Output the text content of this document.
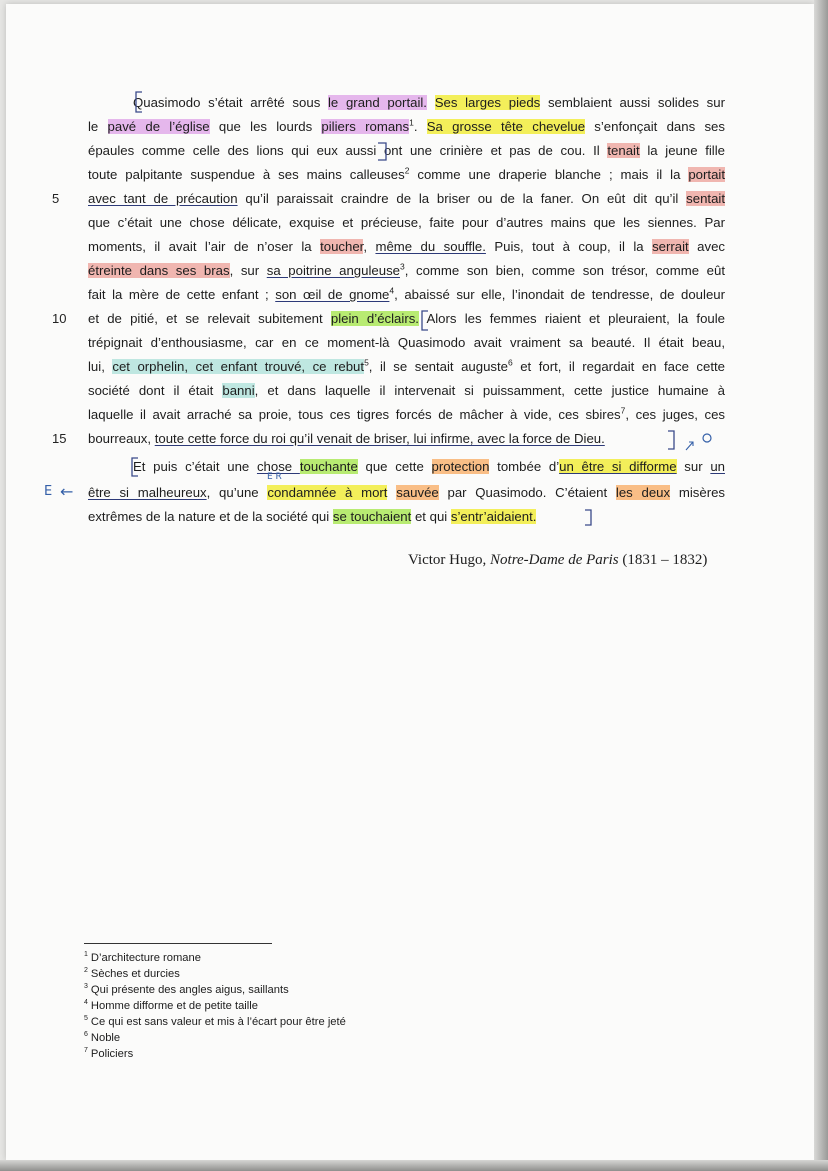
Quasimodo s’était arrêté sous le grand portail. Ses larges pieds semblaient aussi solides sur
le pavé de l’église que les lourds piliers romans$^1$. Sa grosse tête chevelue s’enfonçait dans ses
épaules comme celle des lions qui eux aussi ont une crinière et pas de cou. Il tenait la jeune fille
toute palpitante suspendue à ses mains calleuses$^2$ comme une draperie blanche ; mais il la portait
5	avec tant de précaution qu’il paraissait craindre de la briser ou de la faner. On eût dit qu’il sentait
que c’était une chose délicate, exquise et précieuse, faite pour d’autres mains que les siennes. Par
moments, il avait l’air de n’oser la toucher, même du souffle. Puis, tout à coup, il la serrait avec
étreinte dans ses bras, sur sa poitrine anguleuse$^3$, comme son bien, comme son trésor, comme eût
fait la mère de cette enfant ; son œil de gnome$^4$, abaissé sur elle, l’inondait de tendresse, de douleur
10	et de pitié, et se relevait subitement plein d’éclairs. Alors les femmes riaient et pleuraient, la foule
trépignait d’enthousiasme, car en ce moment-là Quasimodo avait vraiment sa beauté. Il était beau,
lui, cet orphelin, cet enfant trouvé, ce rebut$^5$, il se sentait auguste$^6$ et fort, il regardait en face cette
société dont il était banni, et dans laquelle il intervenait si puissamment, cette justice humaine à
laquelle il avait arraché sa proie, tous ces tigres forcés de mâcher à vide, ces sbires$^7$, ces juges, ces
15	bourreaux, toute cette force du roi qu’il venait de briser, lui infirme, avec la force de Dieu.
Et puis c’était une chose touchante que cette protection tombée d’un être si difforme sur un
être si malheureux, qu’une condamnée à mort sauvée par Quasimodo. C’étaient les deux misères
extrêmes de la nature et de la société qui se touchaient et qui s’entr’aidaient.
E ←
E R
Victor Hugo, Notre-Dame de Paris (1831 – 1832)
$^1$ D’architecture romane
$^2$ Sèches et durcies
$^3$ Qui présente des angles aigus, saillants
$^4$ Homme difforme et de petite taille
$^5$ Ce qui est sans valeur et mis à l’écart pour être jeté
$^6$ Noble
$^7$ Policiers
